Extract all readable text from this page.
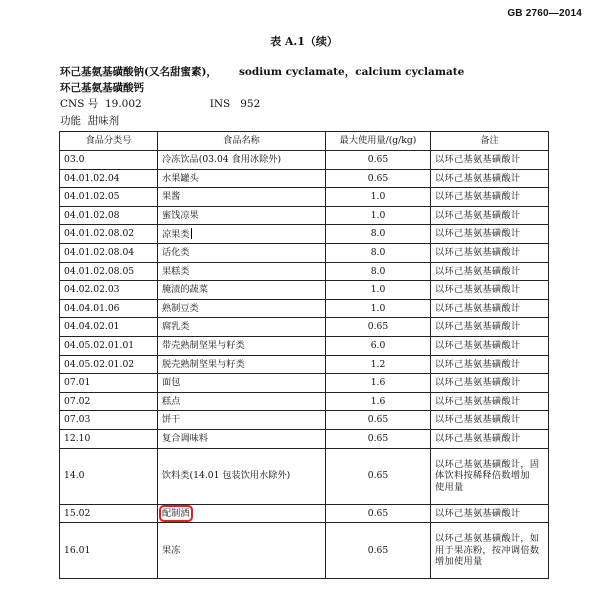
GB 2760—2014
表 A.1（续）
环己基氨基磺酸钠(又名甜蜜素)， sodium cyclamate，calcium cyclamate
环己基氨基磺酸钙
CNS 号 19.002	INS 952
功能 甜味剂
食品分类号	食品名称	最大使用量/(g/kg)	备注
03.0	冷冻饮品(03.04 食用冰除外)	0.65	以环己基氨基磺酸计
04.01.02.04	水果罐头	0.65	以环己基氨基磺酸计
04.01.02.05	果酱	1.0	以环己基氨基磺酸计
04.01.02.08	蜜饯凉果	1.0	以环己基氨基磺酸计
04.01.02.08.02	凉果类	8.0	以环己基氨基磺酸计
04.01.02.08.04	话化类	8.0	以环己基氨基磺酸计
04.01.02.08.05	果糕类	8.0	以环己基氨基磺酸计
04.02.02.03	腌渍的蔬菜	1.0	以环己基氨基磺酸计
04.04.01.06	熟制豆类	1.0	以环己基氨基磺酸计
04.04.02.01	腐乳类	0.65	以环己基氨基磺酸计
04.05.02.01.01	带壳熟制坚果与籽类	6.0	以环己基氨基磺酸计
04.05.02.01.02	脱壳熟制坚果与籽类	1.2	以环己基氨基磺酸计
07.01	面包	1.6	以环己基氨基磺酸计
07.02	糕点	1.6	以环己基氨基磺酸计
07.03	饼干	0.65	以环己基氨基磺酸计
12.10	复合调味料	0.65	以环己基氨基磺酸计
14.0	饮料类(14.01 包装饮用水除外)	0.65	以环己基氨基磺酸计，固
体饮料按稀释倍数增加
使用量

15.02	配制酒	0.65	以环己基氨基磺酸计
16.01	果冻	0.65	以环己基氨基磺酸计，如
用于果冻粉，按冲调倍数
增加使用量
